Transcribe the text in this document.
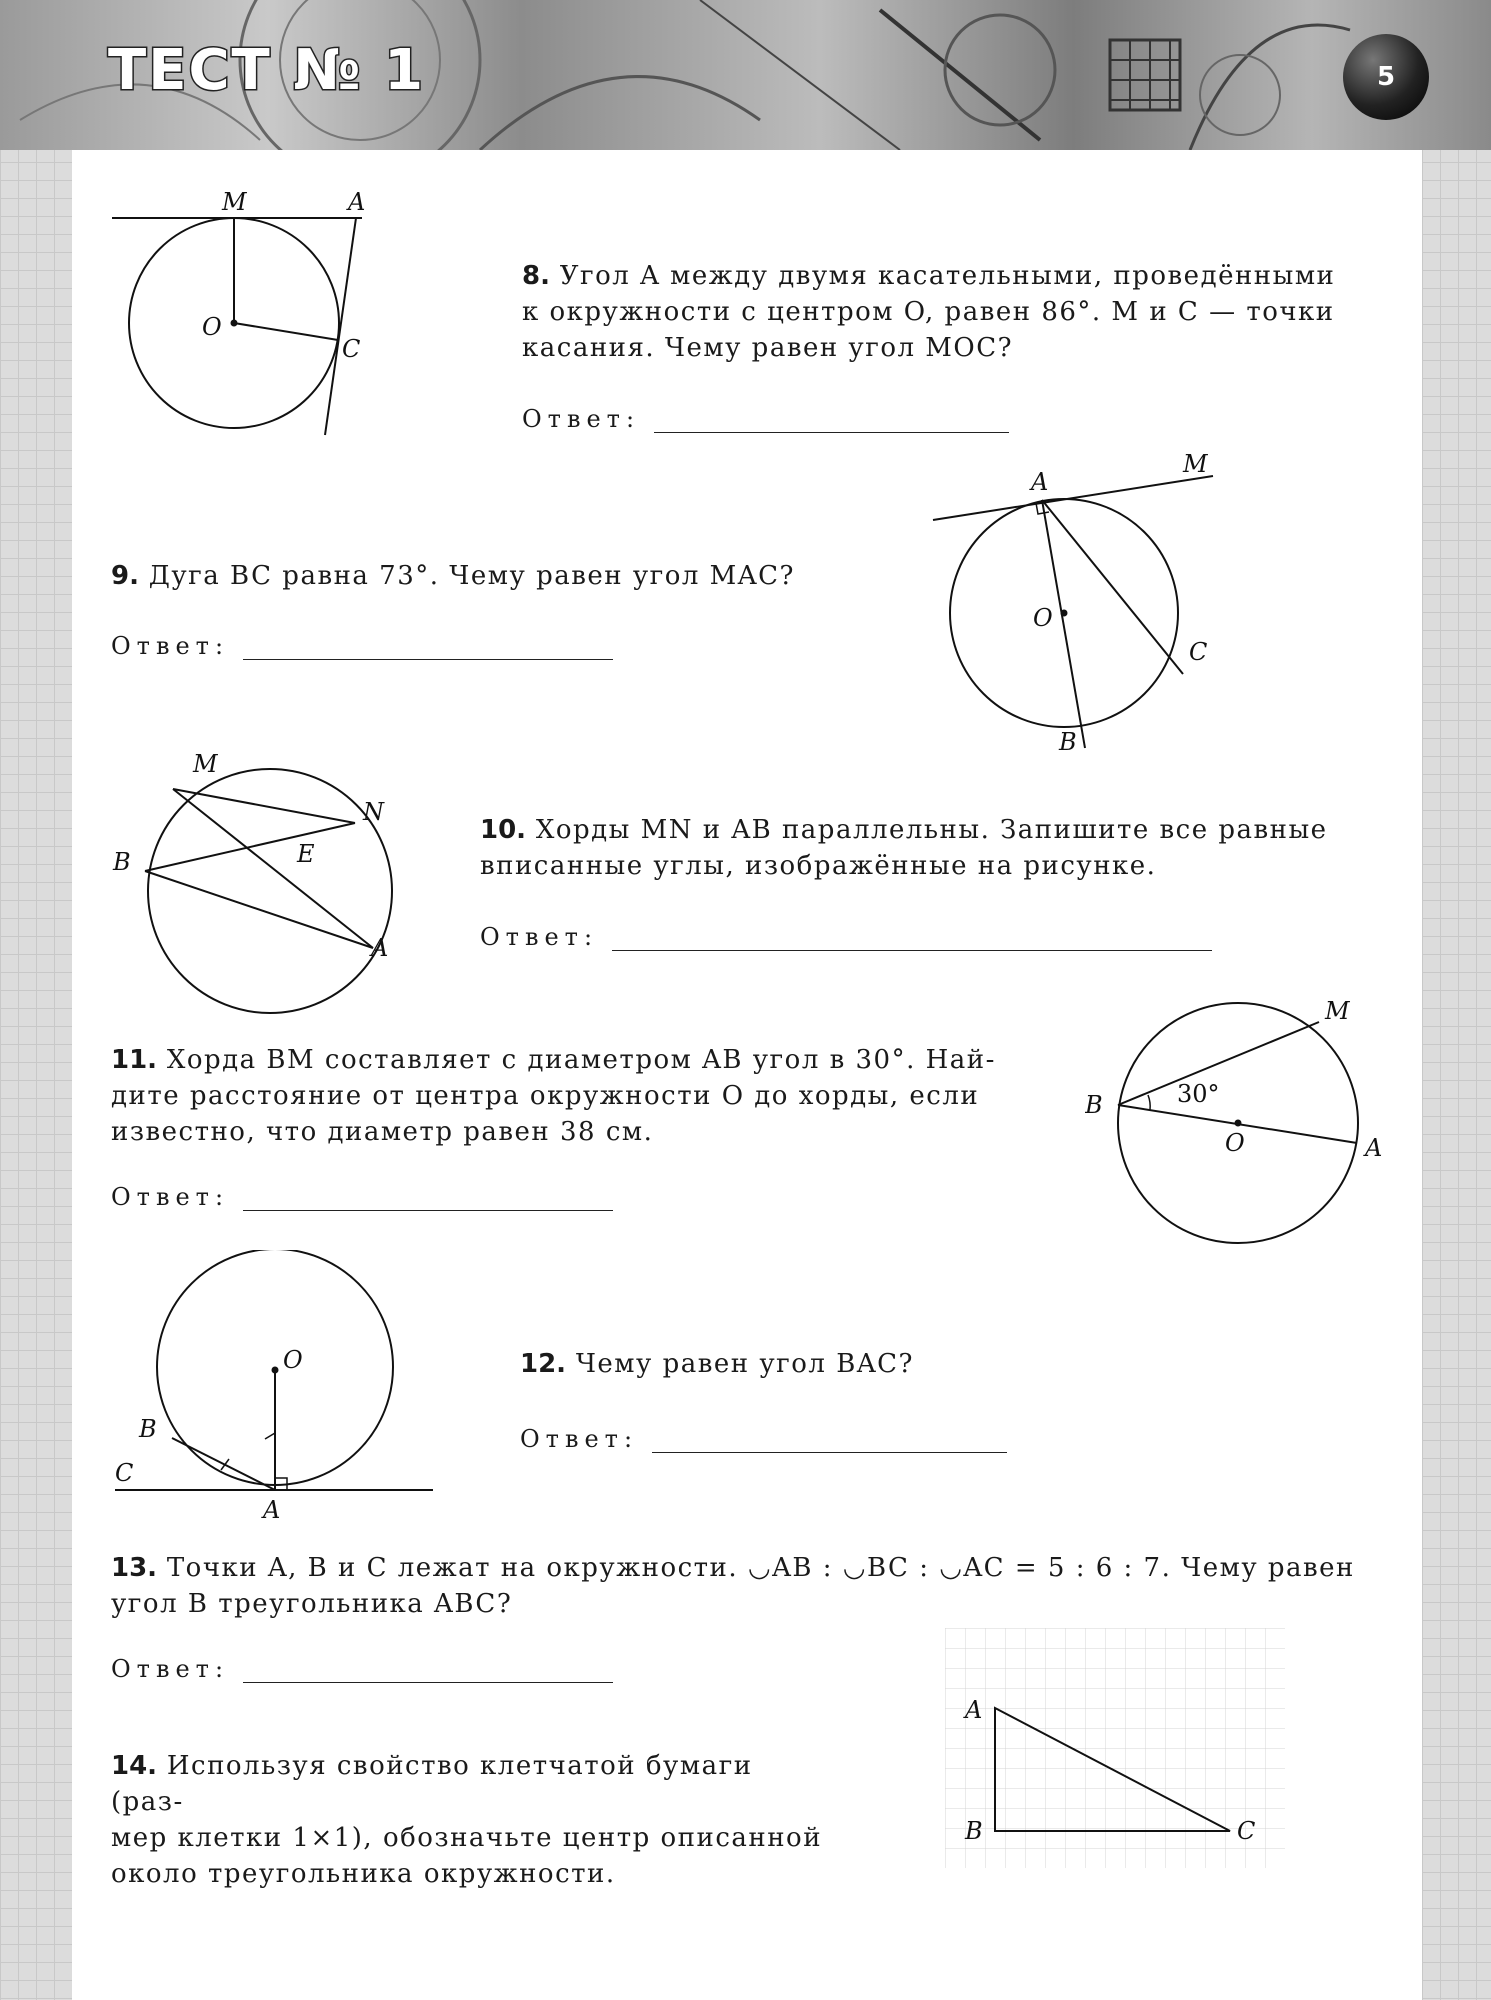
ТЕСТ № 1	5
M	A
O
C
8. Угол A между двумя касательными, проведёнными
к окружности с центром O, равен 86°. M и C — точки
касания. Чему равен угол MOC?
Ответ:
A
M
O
C
B
9. Дуга BC равна 73°. Чему равен угол MAC?
Ответ:
M
N
E
B
A
10. Хорды MN и AB параллельны. Запишите все равные
вписанные углы, изображённые на рисунке.
Ответ:
11. Хорда BM составляет с диаметром AB угол в 30°. Най-
дите расстояние от центра окружности O до хорды, если
известно, что диаметр равен 38 см.
M
B
O	A
30°
Ответ:
O
B
C
A
12. Чему равен угол BAC?
Ответ:
13. Точки A, B и C лежат на окружности. ◡AB : ◡BC : ◡AC = 5 : 6 : 7. Чему равен
угол B треугольника ABC?
Ответ:
14. Используя свойство клетчатой бумаги (раз-
мер клетки 1×1), обозначьте центр описанной
около треугольника окружности.
A
B	C
